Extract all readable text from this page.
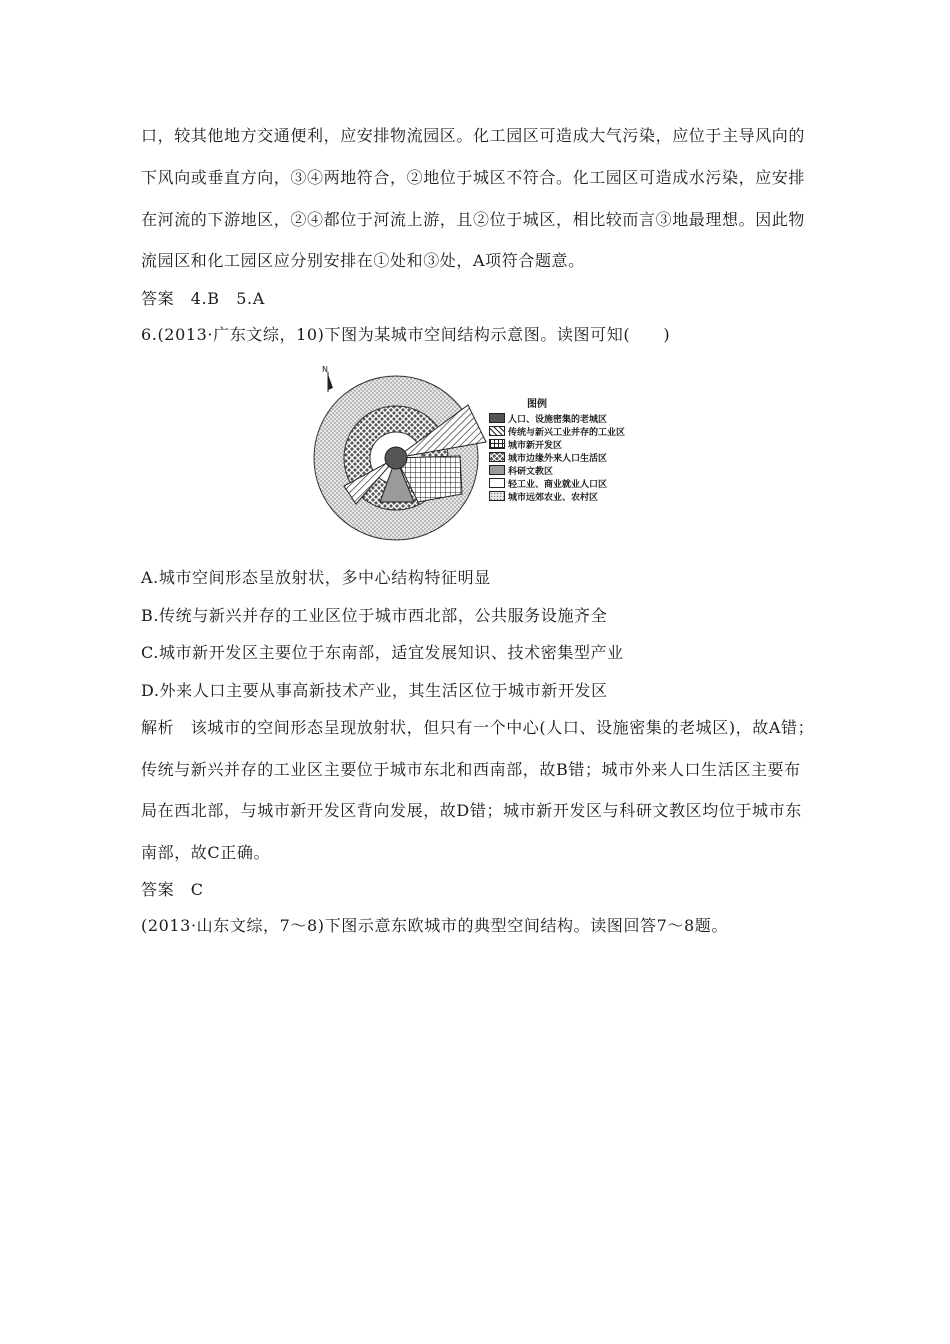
口，较其他地方交通便利，应安排物流园区。化工园区可造成大气污染，应位于主导风向的
下风向或垂直方向，③④两地符合，②地位于城区不符合。化工园区可造成水污染，应安排
在河流的下游地区，②④都位于河流上游，且②位于城区，相比较而言③地最理想。因此物
流园区和化工园区应分别安排在①处和③处，A项符合题意。
答案　4.B　5.A
6.(2013·广东文综，10)下图为某城市空间结构示意图。读图可知(　　)
N
图例
人口、设施密集的老城区
传统与新兴工业并存的工业区
城市新开发区
城市边缘外来人口生活区
科研文教区
轻工业、商业就业人口区
城市远郊农业、农村区
A.城市空间形态呈放射状，多中心结构特征明显
B.传统与新兴并存的工业区位于城市西北部，公共服务设施齐全
C.城市新开发区主要位于东南部，适宜发展知识、技术密集型产业
D.外来人口主要从事高新技术产业，其生活区位于城市新开发区
解析　该城市的空间形态呈现放射状，但只有一个中心(人口、设施密集的老城区)，故A错；
传统与新兴并存的工业区主要位于城市东北和西南部，故B错；城市外来人口生活区主要布
局在西北部，与城市新开发区背向发展，故D错；城市新开发区与科研文教区均位于城市东
南部，故C正确。
答案　C
(2013·山东文综，7～8)下图示意东欧城市的典型空间结构。读图回答7～8题。
